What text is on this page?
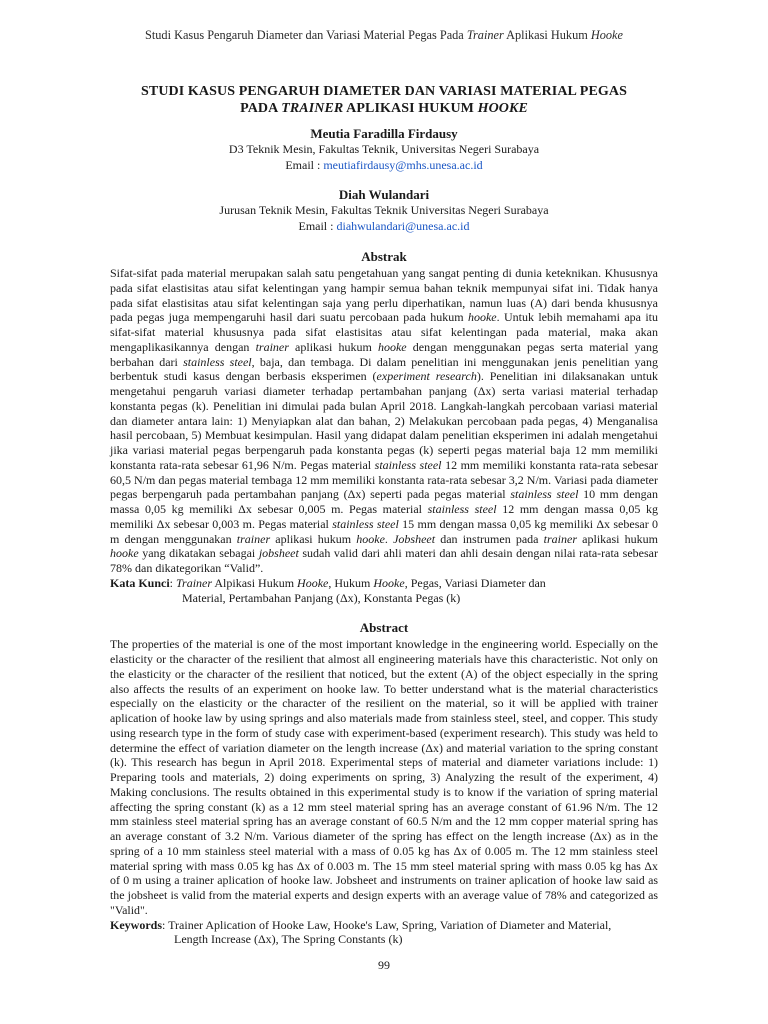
Studi Kasus Pengaruh Diameter dan Variasi Material Pegas Pada Trainer Aplikasi Hukum Hooke

STUDI KASUS PENGARUH DIAMETER DAN VARIASI MATERIAL PEGAS
PADA TRAINER APLIKASI HUKUM HOOKE

Meutia Faradilla Firdausy
D3 Teknik Mesin, Fakultas Teknik, Universitas Negeri Surabaya
Email : meutiafirdausy@mhs.unesa.ac.id
Diah Wulandari
Jurusan Teknik Mesin, Fakultas Teknik Universitas Negeri Surabaya
Email : diahwulandari@unesa.ac.id
Abstrak
Sifat-sifat pada material merupakan salah satu pengetahuan yang sangat penting di dunia keteknikan. Khususnya pada sifat elastisitas atau sifat kelentingan yang hampir semua bahan teknik mempunyai sifat ini. Tidak hanya pada sifat elastisitas atau sifat kelentingan saja yang perlu diperhatikan, namun luas (A) dari benda khususnya pada pegas juga mempengaruhi hasil dari suatu percobaan pada hukum hooke. Untuk lebih memahami apa itu sifat-sifat material khususnya pada sifat elastisitas atau sifat kelentingan pada material, maka akan mengaplikasikannya dengan trainer aplikasi hukum hooke dengan menggunakan pegas serta material yang berbahan dari stainless steel, baja, dan tembaga. Di dalam penelitian ini menggunakan jenis penelitian yang berbentuk studi kasus dengan berbasis eksperimen (experiment research). Penelitian ini dilaksanakan untuk mengetahui pengaruh variasi diameter terhadap pertambahan panjang (Δx) serta variasi material terhadap konstanta pegas (k). Penelitian ini dimulai pada bulan April 2018. Langkah-langkah percobaan variasi material dan diameter antara lain: 1) Menyiapkan alat dan bahan, 2) Melakukan percobaan pada pegas, 4) Menganalisa hasil percobaan, 5) Membuat kesimpulan. Hasil yang didapat dalam penelitian eksperimen ini adalah mengetahui jika variasi material pegas berpengaruh pada konstanta pegas (k) seperti pegas material baja 12 mm memiliki konstanta rata-rata sebesar 61,96 N/m. Pegas material stainless steel 12 mm memiliki konstanta rata-rata sebesar 60,5 N/m dan pegas material tembaga 12 mm memiliki konstanta rata-rata sebesar 3,2 N/m. Variasi pada diameter pegas berpengaruh pada pertambahan panjang (Δx) seperti pada pegas material stainless steel 10 mm dengan massa 0,05 kg memiliki Δx sebesar 0,005 m. Pegas material stainless steel 12 mm dengan massa 0,05 kg memiliki Δx sebesar 0,003 m. Pegas material stainless steel 15 mm dengan massa 0,05 kg memiliki Δx sebesar 0 m dengan menggunakan trainer aplikasi hukum hooke. Jobsheet dan instrumen pada trainer aplikasi hukum hooke yang dikatakan sebagai jobsheet sudah valid dari ahli materi dan ahli desain dengan nilai rata-rata sebesar 78% dan dikategorikan “Valid”.
Kata Kunci : Trainer Alpikasi Hukum Hooke, Hukum Hooke, Pegas, Variasi Diameter dan
Material, Pertambahan Panjang (Δx), Konstanta Pegas (k)
Abstract
The properties of the material is one of the most important knowledge in the engineering world. Especially on the elasticity or the character of the resilient that almost all engineering materials have this characteristic. Not only on the elasticity or the character of the resilient that noticed, but the extent (A) of the object especially in the spring also affects the results of an experiment on hooke law. To better understand what is the material characteristics especially on the elasticity or the character of the resilient on the material, so it will be applied with trainer aplication of hooke law by using springs and also materials made from stainless steel, steel, and copper. This study using research type in the form of study case with experiment-based (experiment research). This study was held to determine the effect of variation diameter on the length increase (Δx) and material variation to the spring constant (k). This research has begun in April 2018. Experimental steps of material and diameter variations include: 1) Preparing tools and materials, 2) doing experiments on spring, 3) Analyzing the result of the experiment, 4) Making conclusions. The results obtained in this experimental study is to know if the variation of spring material affecting the spring constant (k) as a 12 mm steel material spring has an average constant of 61.96 N/m. The 12 mm stainless steel material spring has an average constant of 60.5 N/m and the 12 mm copper material spring has an average constant of 3.2 N/m. Various diameter of the spring has effect on the length increase (Δx) as in the spring of a 10 mm stainless steel material with a mass of 0.05 kg has Δx of 0.005 m. The 12 mm stainless steel material spring with mass 0.05 kg has Δx of 0.003 m. The 15 mm steel material spring with mass 0.05 kg has Δx of 0 m using a trainer aplication of hooke law. Jobsheet and instruments on trainer aplication of hooke law said as the jobsheet is valid from the material experts and design experts with an average value of 78% and categorized as "Valid".
Keywords : Trainer Aplication of Hooke Law, Hooke's Law, Spring, Variation of Diameter and Material,
Length Increase (Δx), The Spring Constants (k)
99
